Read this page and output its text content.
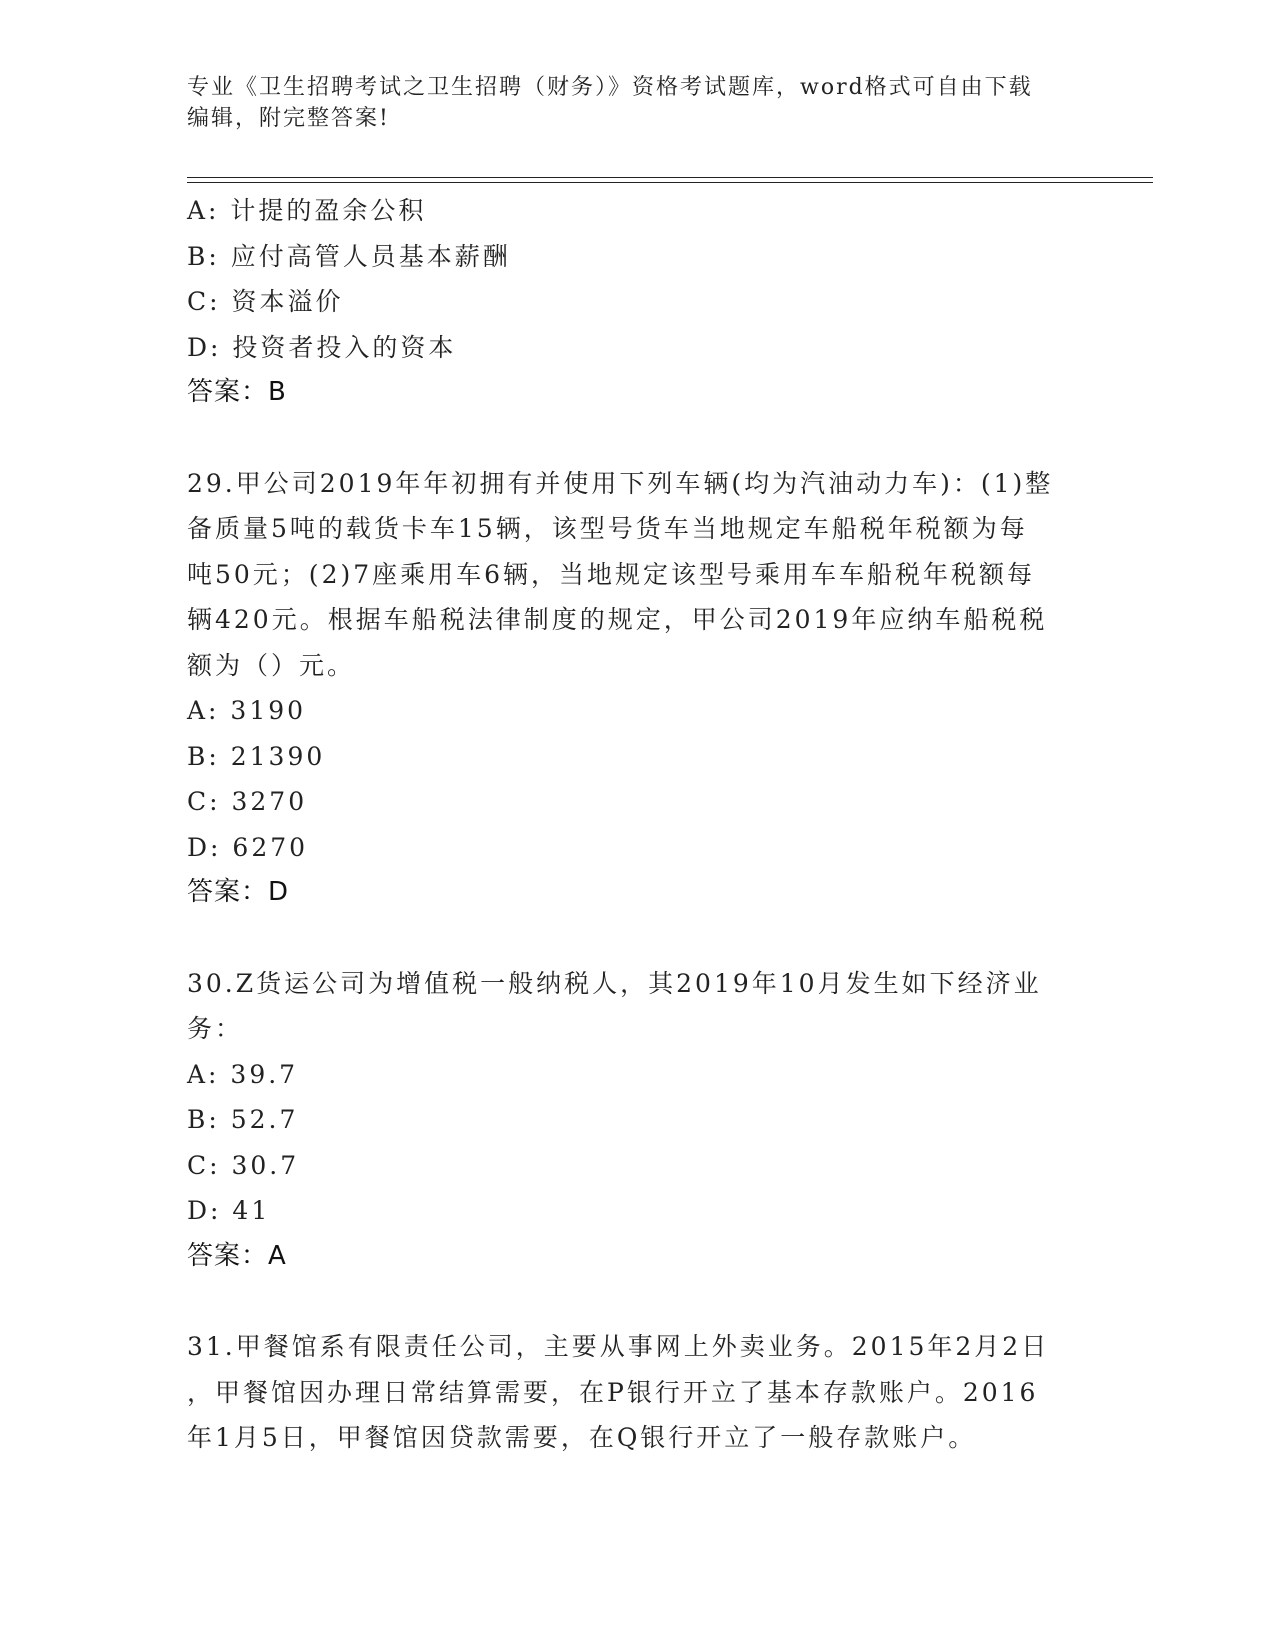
专业《卫生招聘考试之卫生招聘（财务）》资格考试题库，word格式可自由下载
编辑，附完整答案!
A: 计提的盈余公积
B: 应付高管人员基本薪酬
C: 资本溢价
D: 投资者投入的资本
答案：B
29.甲公司2019年年初拥有并使用下列车辆(均为汽油动力车)：(1)整
备质量5吨的载货卡车15辆，该型号货车当地规定车船税年税额为每
吨50元；(2)7座乘用车6辆，当地规定该型号乘用车车船税年税额每
辆420元。根据车船税法律制度的规定，甲公司2019年应纳车船税税
额为（）元。
A: 3190
B: 21390
C: 3270
D: 6270
答案：D
30.Z货运公司为增值税一般纳税人，其2019年10月发生如下经济业
务：
A: 39.7
B: 52.7
C: 30.7
D: 41
答案：A
31.甲餐馆系有限责任公司，主要从事网上外卖业务。2015年2月2日
，甲餐馆因办理日常结算需要，在P银行开立了基本存款账户。2016
年1月5日，甲餐馆因贷款需要，在Q银行开立了一般存款账户。
